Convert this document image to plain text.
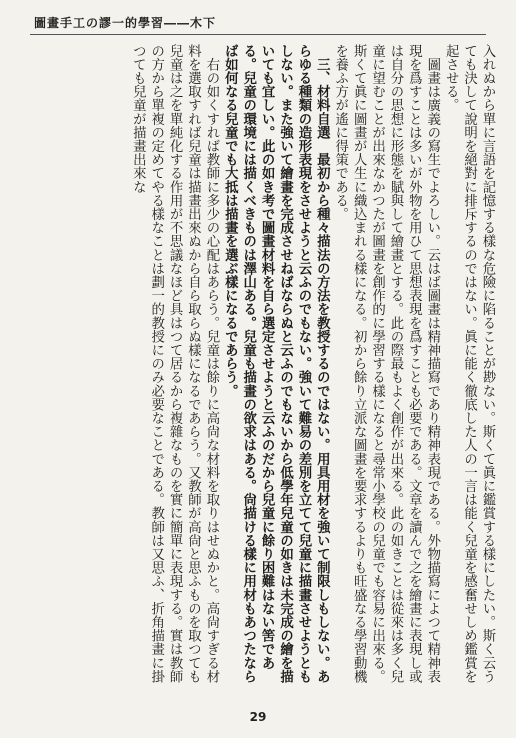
圖畫手工の謬一的學習――木下

入れぬから單に言語を記憶する樣な危險に陷ることが尠ない。斯くて眞に鑑賞する樣にしたい。斯く云うても決して說明を絕對に排斥するのではない。眞に能く徹底した人の一言は能く兒童を感奮せしめ鑑賞を起させる。

圖畫は廣義の寫生でよろしい。云はば圖畫は精神描寫であり精神表現である。外物描寫によつて精神表現を爲すことは多いが外物を用ひて思想表現を爲すことも必要である。文章を讀んで之を繪畫に表現し或は自分の思想に形態を賦與して繪畫とする。此の際最もよく創作が出來る。此の如きことは從來は多く兒童に望むことが出來なかつたが圖畫を創作的に學習する樣になると尋常小學校の兒童でも容易に出來る。斯くて眞に圖畫が人生に織込まれる樣になる。初から餘り立派な圖畫を要求するよりも旺盛なる學習動機を養ふ方が遙に得策である。

三、材料自選　最初から種々描法の方法を教授するのではない。用具用材を強いて制限しもしない。あらゆる種類の造形表現をさせようと云ふのでもない。強いて難易の差別を立てて兒童に描畫させようともしない。また強いて繪畫を完成させねばならぬと云ふのでもないから低學年兒童の如きは未完成の繪を描いても宜しい。此の如き考で圖畫材料を自ら選定させようと云ふのだから兒童に餘り困難はない筈である。兒童の環境には描くべきものは澤山ある。兒童も描畫の欲求はある。尙描ける樣に用材もあつたならば如何なる兒童でも大抵は描畫を選ぶ樣になるであらう。

右の如くすれば教師に多少の心配はあらう。兒童は餘りに高尙な材料を取りはせぬかと。高尙すぎる材料を選取すれば兒童は描畫出來ぬから自ら取らぬ樣になるであらう。又教師が高尙と思ふものを取つても兒童は之を單純化する作用が不思議なほど具はつて居るから複雜なものを實に簡單に表現する。實は教師の方から單複の定めてやる樣なことは劃一的教授にのみ必要なことである。教師は又思ふ、折角描畫に掛つても兒童が描畫出來な

29
